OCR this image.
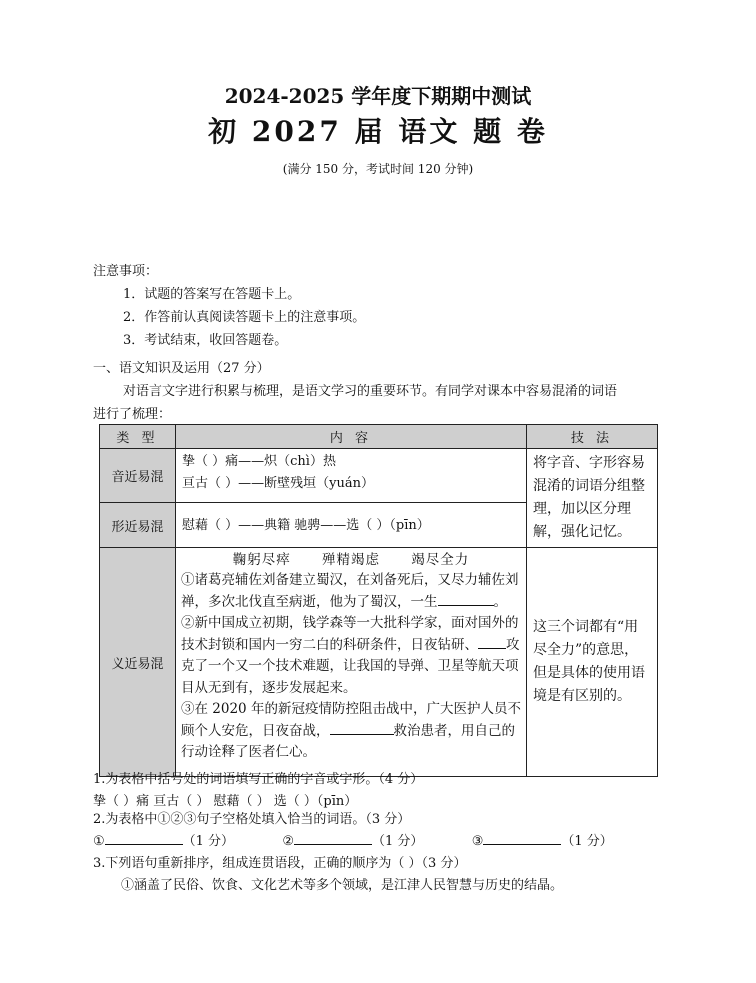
2024-2025 学年度下期期中测试
初 2027 届 语文 题 卷
(满分 150 分，考试时间 120 分钟)
注意事项：
1．试题的答案写在答题卡上。
2．作答前认真阅读答题卡上的注意事项。
3．考试结束，收回答题卷。
一、语文知识及运用（27 分）
对语言文字进行积累与梳理，是语文学习的重要环节。有同学对课本中容易混淆的词语
进行了梳理：
类 型	内 容	技 法
音近易混	挚（ ）痛——炽（chì）热
亘古（ ）——断壁残垣（yuán）	将字音、字形容易混淆的词语分组整理，加以区分理解，强化记忆。

形近易混	慰藉（ ）——典籍 驰骋——选（ ）（pīn）	

义近易混	鞠躬尽瘁 殚精竭虑 竭尽全力
①诸葛亮辅佐刘备建立蜀汉，在刘备死后，又尽力辅佐刘禅，多次北伐直至病逝，他为了蜀汉，一生 。
②新中国成立初期，钱学森等一大批科学家，面对国外的技术封锁和国内一穷二白的科研条件，日夜钻研、 攻克了一个又一个技术难题，让我国的导弹、卫星等航天项目从无到有，逐步发展起来。
③在 2020 年的新冠疫情防控阻击战中，广大医护人员不顾个人安危，日夜奋战， 救治患者，用自己的行动诠释了医者仁心。	这三个词都有“用尽全力”的意思，但是具体的使用语境是有区别的。
1.为表格中括号处的词语填写正确的字音或字形。（4 分）
挚（ ）痛 亘古（ ） 慰藉（ ） 选（ ）（pīn）
2.为表格中①②③句子空格处填入恰当的词语。（3 分）
①	（1 分）	②	（1 分）	③	（1 分）
3.下列语句重新排序，组成连贯语段，正确的顺序为（ ）（3 分）
①涵盖了民俗、饮食、文化艺术等多个领域，是江津人民智慧与历史的结晶。
